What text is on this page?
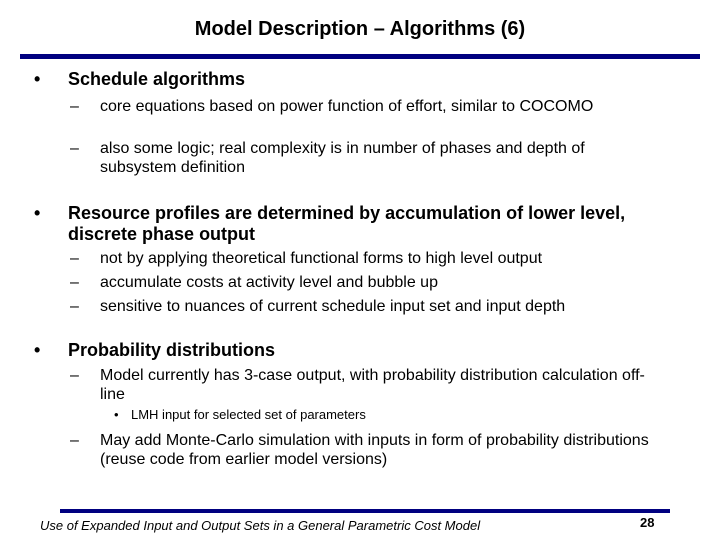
Model Description – Algorithms (6)
• Schedule algorithms
– core equations based on power function of effort, similar to COCOMO
– also some logic; real complexity is in number of phases and depth of subsystem definition
• Resource profiles are determined by accumulation of lower level, discrete phase output
– not by applying theoretical functional forms to high level output
– accumulate costs at activity level and bubble up
– sensitive to nuances of current schedule input set and input depth
• Probability distributions
– Model currently has 3-case output, with probability distribution calculation off-line
• LMH input for selected set of parameters
– May add Monte-Carlo simulation with inputs in form of probability distributions (reuse code from earlier model versions)
Use of Expanded Input and Output Sets in a General Parametric Cost Model	28
